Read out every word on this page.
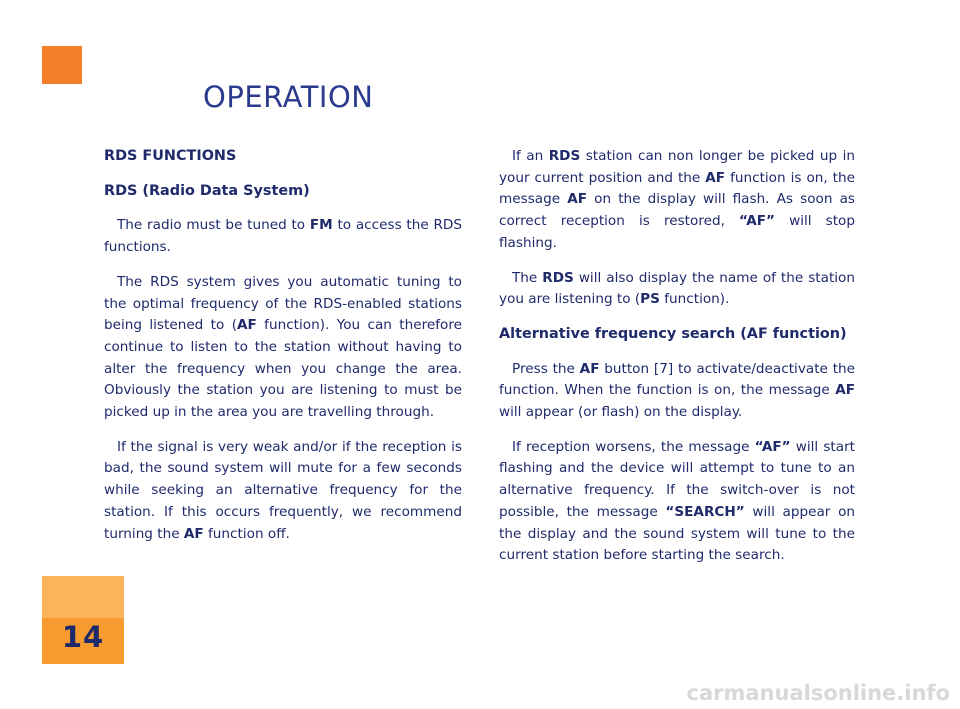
OPERATION
RDS FUNCTIONS
RDS (Radio Data System)

The radio must be tuned to FM to access the RDS functions.

The RDS system gives you automatic tuning to the optimal frequency of the RDS-enabled stations being listened to (AF function). You can therefore continue to listen to the station without having to alter the frequency when you change the area. Obviously the station you are listening to must be picked up in the area you are travelling through.

If the signal is very weak and/or if the reception is bad, the sound system will mute for a few seconds while seeking an alternative frequency for the station. If this occurs frequently, we recommend turning the AF function off.

If an RDS station can non longer be picked up in your current position and the AF function is on, the message AF on the display will flash. As soon as correct reception is restored, “AF” will stop flashing.

The RDS will also display the name of the station you are listening to (PS function).

Alternative frequency search (AF function)

Press the AF button [7] to activate/deactivate the function. When the function is on, the message AF will appear (or flash) on the display.

If reception worsens, the message “AF” will start flashing and the device will attempt to tune to an alternative frequency. If the switch-over is not possible, the message “SEARCH” will appear on the display and the sound system will tune to the current station before starting the search.

14
carmanualsonline.info
